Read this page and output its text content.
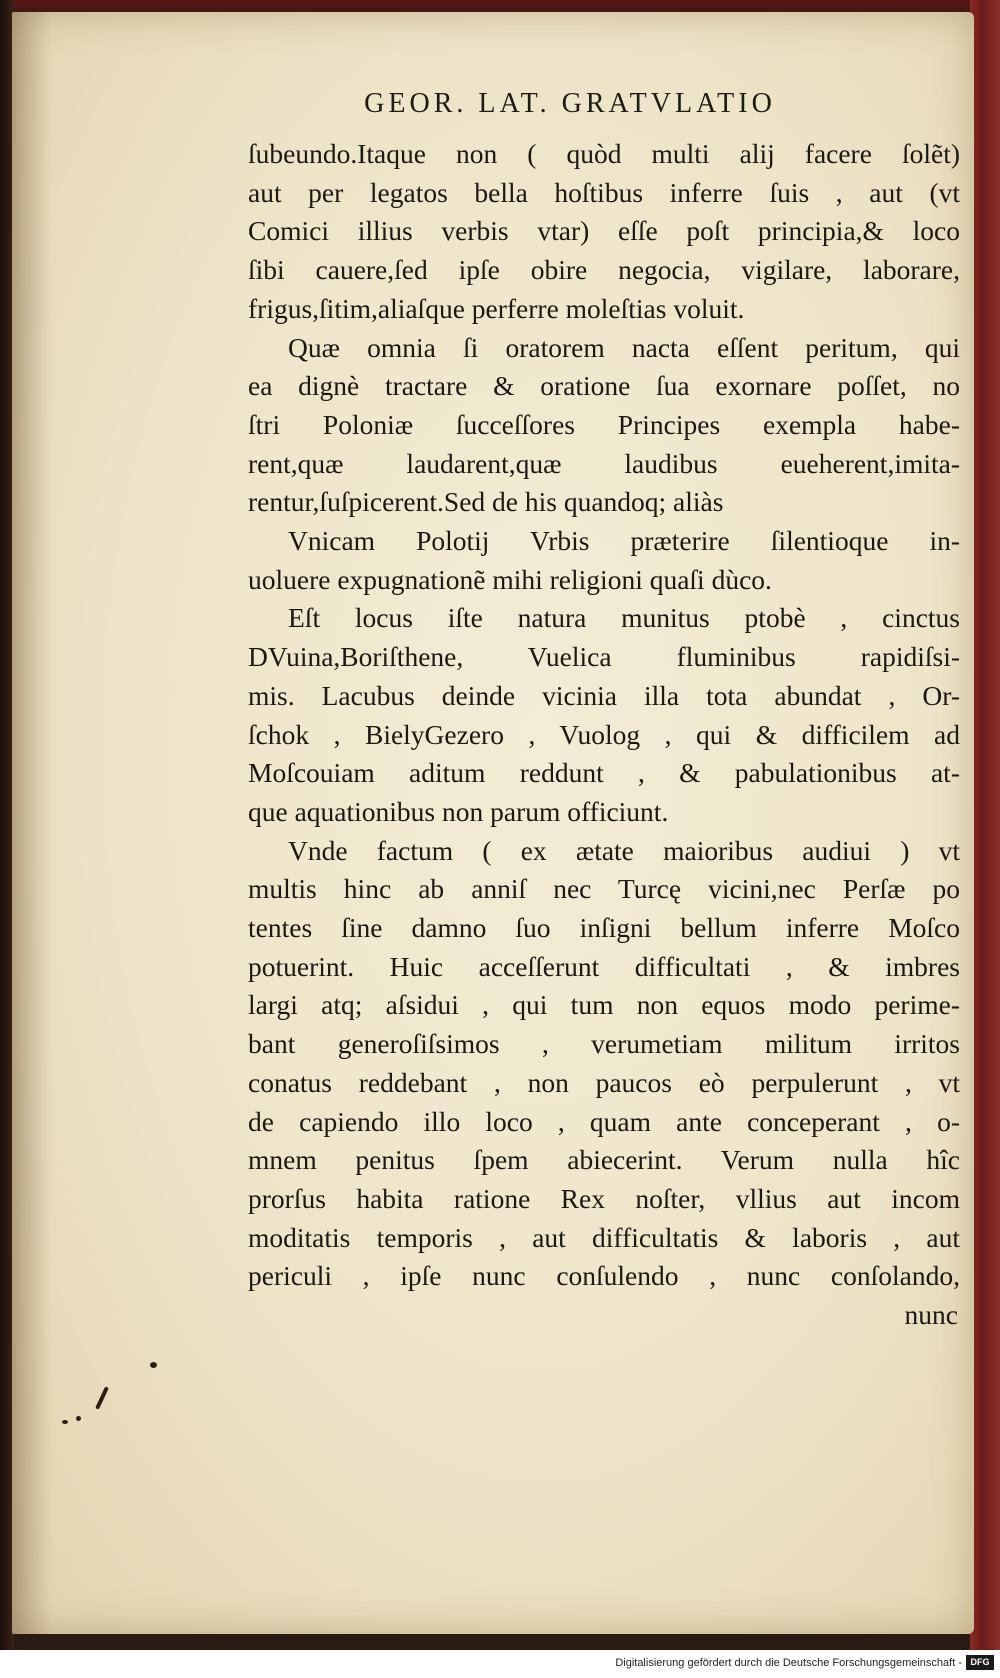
GEOR. LAT. GRATVLATIO
ſubeundo.Itaque non ( quòd multi alij facere ſolẽt)
aut per legatos bella hoſtibus inferre ſuis , aut (vt
Comici illius verbis vtar) eſſe poſt principia,& loco
ſibi cauere,ſed ipſe obire negocia, vigilare, laborare,
frigus,ſitim,aliaſque perferre moleſtias voluit.
Quæ omnia ſi oratorem nacta eſſent peritum, qui
ea dignè tractare & oratione ſua exornare poſſet, no
ſtri Poloniæ ſucceſſores Principes exempla habe-
rent,quæ laudarent,quæ laudibus eueherent,imita-
rentur,ſuſpicerent.Sed de his quandoq; aliàs
Vnicam Polotij Vrbis præterire ſilentioque in-
uoluere expugnationẽ mihi religioni quaſi dùco.
Eſt locus iſte natura munitus ptobè , cinctus
DVuina,Boriſthene, Vuelica fluminibus rapidiſsi-
mis. Lacubus deinde vicinia illa tota abundat , Or-
ſchok , BielyGezero , Vuolog , qui & difficilem ad
Moſcouiam aditum reddunt , & pabulationibus at-
que aquationibus non parum officiunt.
Vnde factum ( ex ætate maioribus audiui ) vt
multis hinc ab anniſ nec Turcę vicini,nec Perſæ po
tentes ſine damno ſuo inſigni bellum inferre Moſco
potuerint. Huic acceſſerunt difficultati , & imbres
largi atq; aſsidui , qui tum non equos modo perime-
bant generoſiſsimos , verumetiam militum irritos
conatus reddebant , non paucos eò perpulerunt , vt
de capiendo illo loco , quam ante conceperant , o-
mnem penitus ſpem abiecerint. Verum nulla hîc
prorſus habita ratione Rex noſter, vllius aut incom
moditatis temporis , aut difficultatis & laboris , aut
periculi , ipſe nunc conſulendo , nunc conſolando,
nunc
Digitalisierung gefördert durch die Deutsche Forschungsgemeinschaft - DFG
